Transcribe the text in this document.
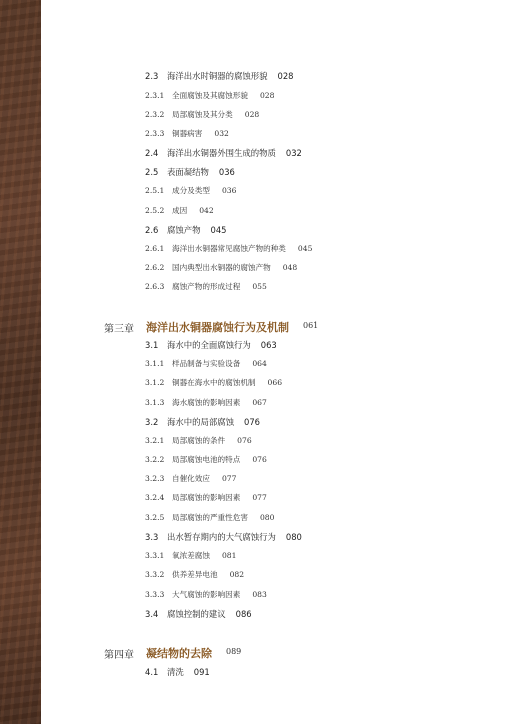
第三章 海洋出水铜器腐蚀行为及机制 061
第四章 凝结物的去除 089
2.3 海洋出水时铜器的腐蚀形貌 028
2.3.1 全面腐蚀及其腐蚀形貌 028
2.3.2 局部腐蚀及其分类 028
2.3.3 铜器病害 032
2.4 海洋出水铜器外围生成的物质 032
2.5 表面凝结物 036
2.5.1 成分及类型 036
2.5.2 成因 042
2.6 腐蚀产物 045
2.6.1 海洋出水铜器常见腐蚀产物的种类 045
2.6.2 国内典型出水铜器的腐蚀产物 048
2.6.3 腐蚀产物的形成过程 055
3.1 海水中的全面腐蚀行为 063
3.1.1 样品制备与实验设备 064
3.1.2 铜器在海水中的腐蚀机制 066
3.1.3 海水腐蚀的影响因素 067
3.2 海水中的局部腐蚀 076
3.2.1 局部腐蚀的条件 076
3.2.2 局部腐蚀电池的特点 076
3.2.3 自催化效应 077
3.2.4 局部腐蚀的影响因素 077
3.2.5 局部腐蚀的严重性危害 080
3.3 出水暂存期内的大气腐蚀行为 080
3.3.1 氧浓差腐蚀 081
3.3.2 供养差异电池 082
3.3.3 大气腐蚀的影响因素 083
3.4 腐蚀控制的建议 086
4.1 清洗 091
